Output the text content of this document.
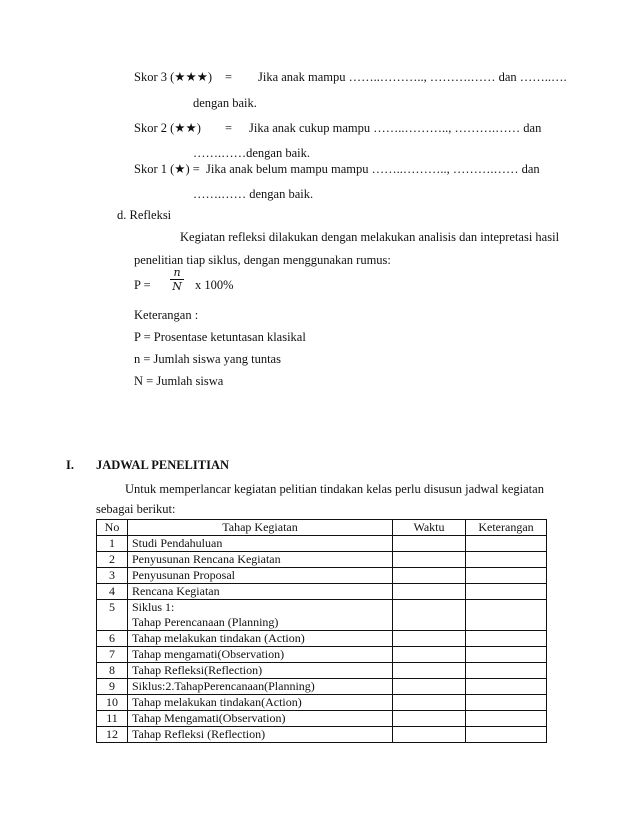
Skor 3 (★★★) = Jika anak mampu ……..……….., ……….…… dan ……..….
dengan baik.
Skor 2 (★★) = Jika anak cukup mampu ……..……….., ……….…… dan
…….……dengan baik.
Skor 1 (★) = Jika anak belum mampu mampu ……..……….., ……….…… dan
…….…… dengan baik.
d. Refleksi
Kegiatan refleksi dilakukan dengan melakukan analisis dan intepretasi hasil
penelitian tiap siklus, dengan menggunakan rumus:
P =
n
N x 100%
Keterangan :
P = Prosentase ketuntasan klasikal
n = Jumlah siswa yang tuntas
N = Jumlah siswa
I. JADWAL PENELITIAN
Untuk memperlancar kegiatan pelitian tindakan kelas perlu disusun jadwal kegiatan
sebagai berikut:
No	Tahap Kegiatan	Waktu	Keterangan
1	Studi Pendahuluan		
2	Penyusunan Rencana Kegiatan		
3	Penyusunan Proposal		
4	Rencana Kegiatan		
5	Siklus 1:
Tahap Perencanaan (Planning)		
6	Tahap melakukan tindakan (Action)		
7	Tahap mengamati(Observation)		
8	Tahap Refleksi(Reflection)		
9	Siklus:2.TahapPerencanaan(Planning)		
10	Tahap melakukan tindakan(Action)		
11	Tahap Mengamati(Observation)		
12	Tahap Refleksi (Reflection)		
